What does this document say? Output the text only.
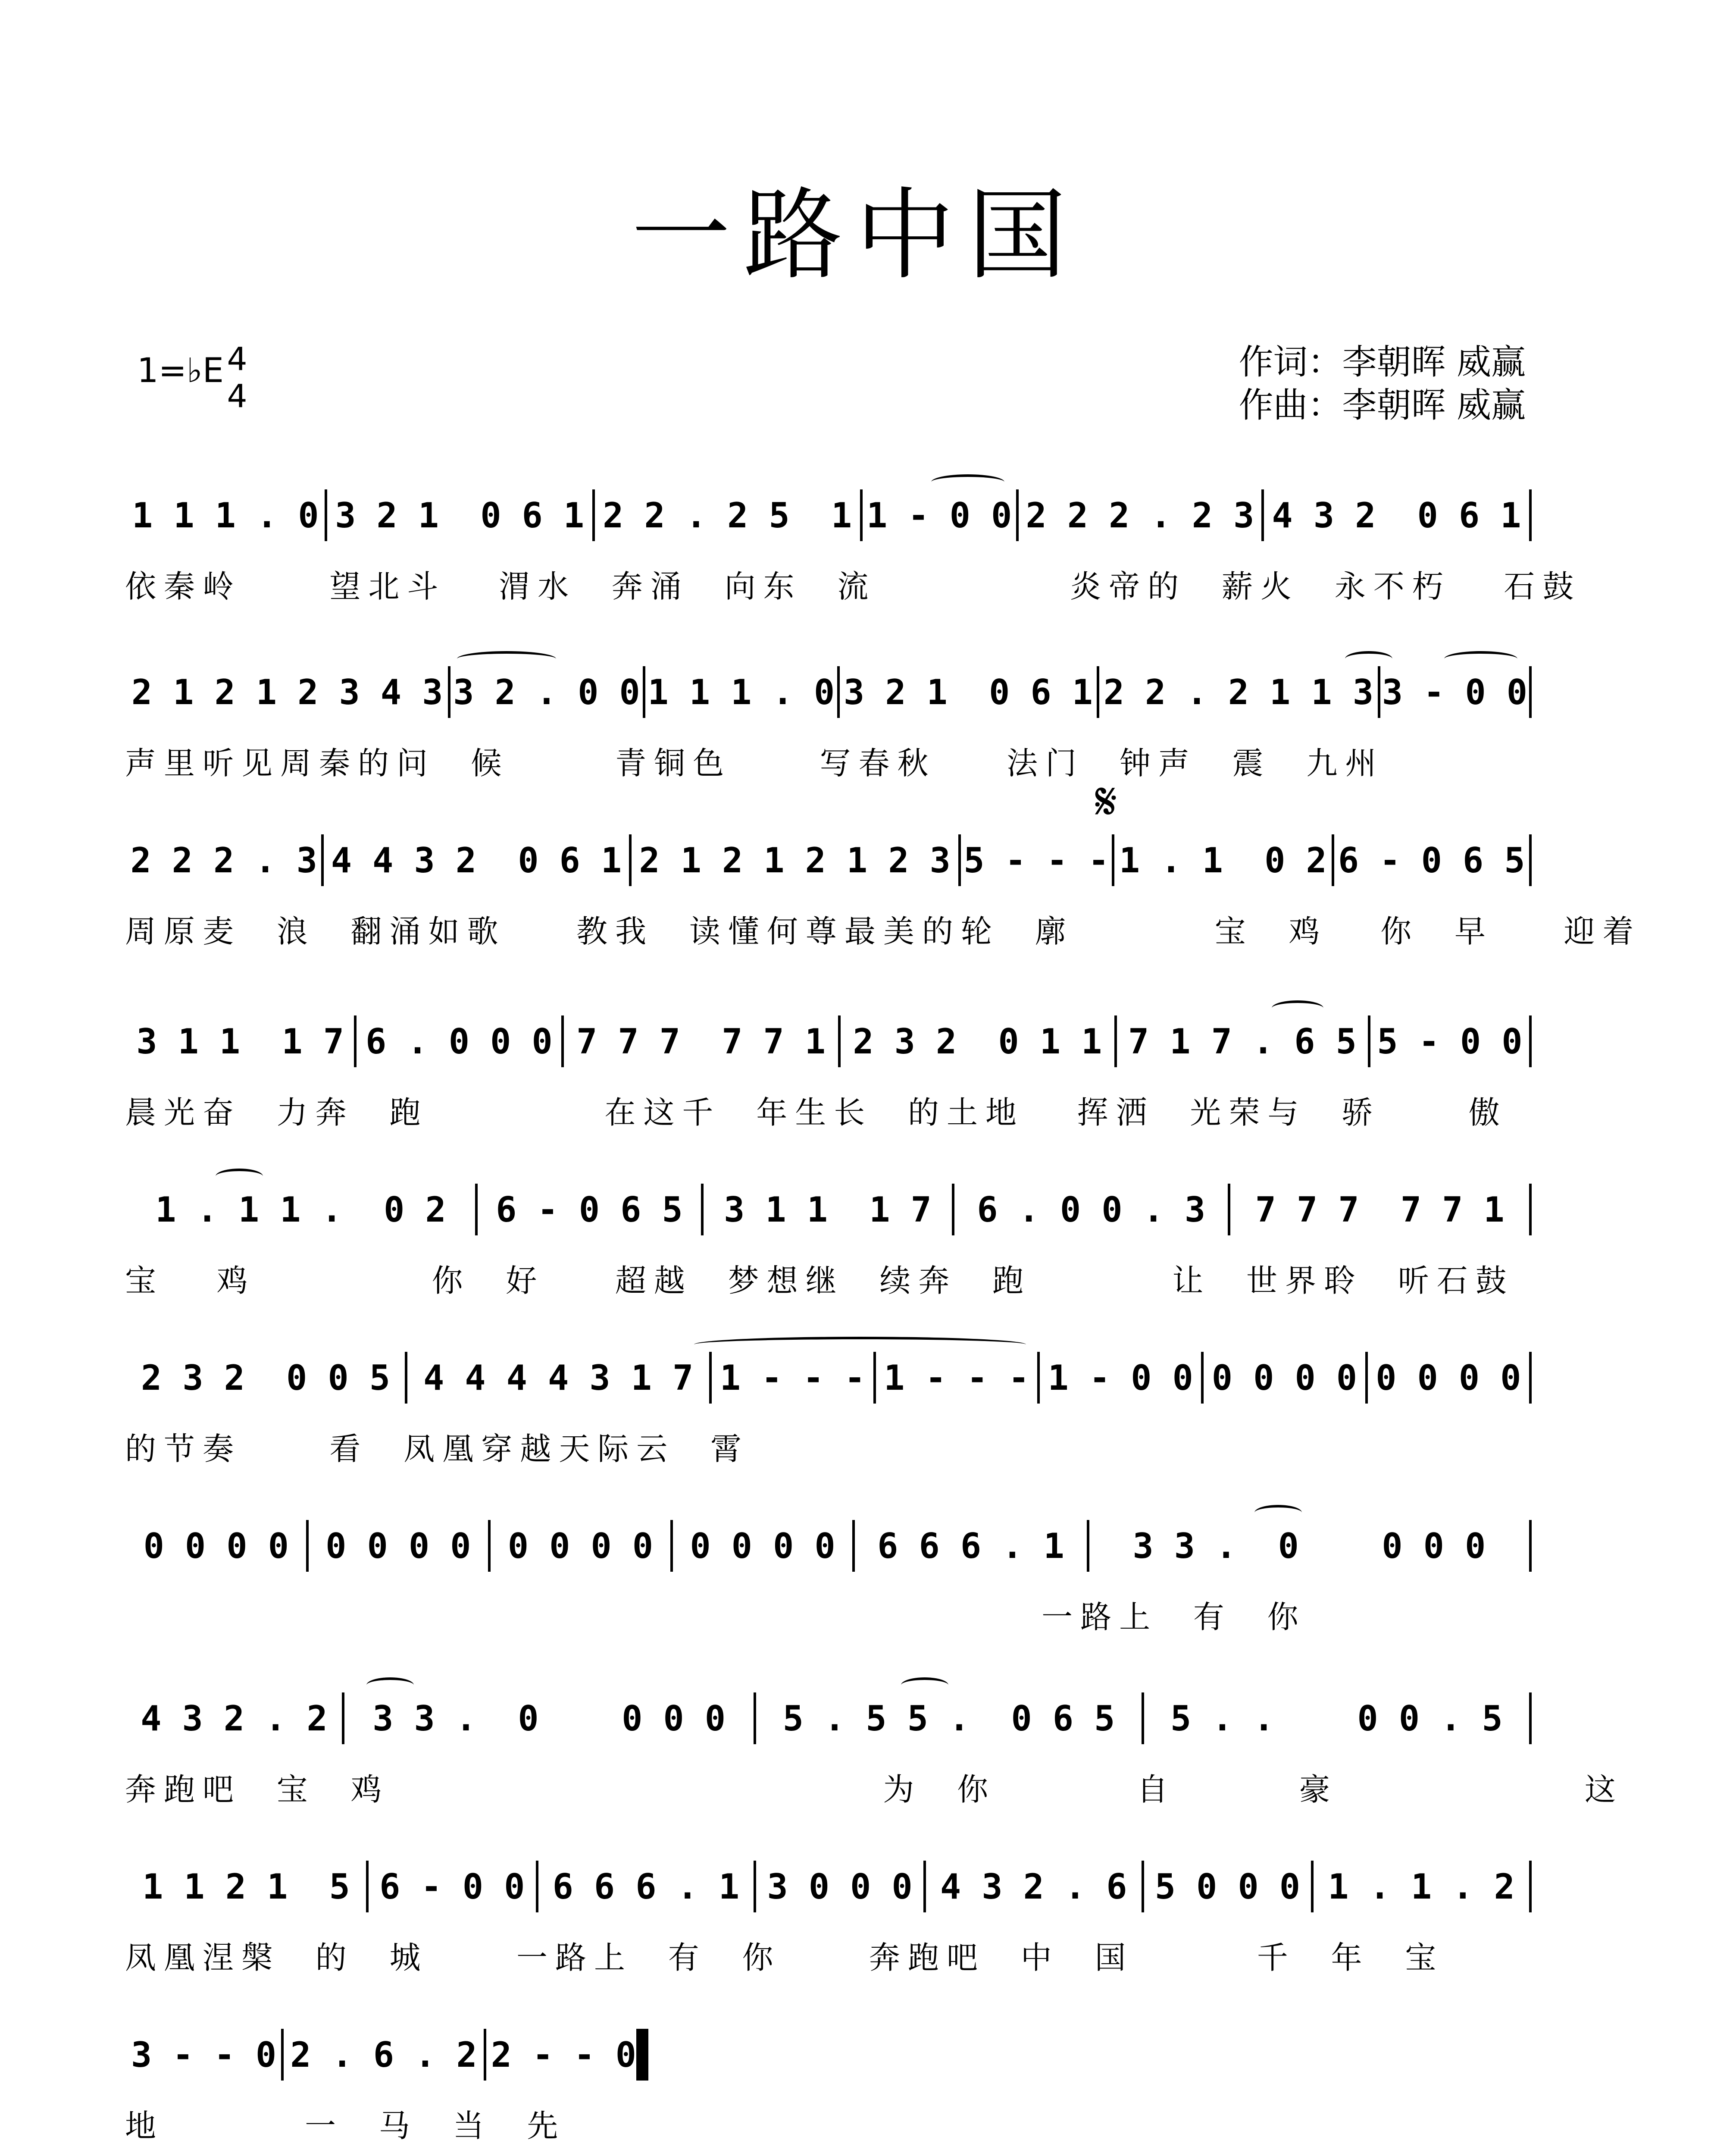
一路中国
1=♭E 4
4
作词：李朝晖 威赢
作曲：李朝晖 威赢
𝄋
1 1 1 . 0 3 2 1  0 6 1 2 2 . 2 5  1 1 - 0 0 2 2 2 . 2 3 4 3 2  0 6 1
依秦岭     望北斗   渭水  奔涌  向东  流           炎帝的  薪火  永不朽   石鼓
2 1 2 1 2 3 4 3 3 2 . 0 0 1 1 1 . 0 3 2 1  0 6 1 2 2 . 2 1 1 3 3 - 0 0
声里听见周秦的问  候      青铜色     写春秋    法门  钟声  震  九州
2 2 2 . 3 4 4 3 2  0 6 1 2 1 2 1 2 1 2 3 5 - - - 1 . 1  0 2 6 - 0 6 5
周原麦  浪  翻涌如歌    教我  读懂何尊最美的轮  廓        宝  鸡   你  早    迎着
3 1 1  1 7 6 . 0 0 0 7 7 7  7 7 1 2 3 2  0 1 1 7 1 7 . 6 5 5 - 0 0
晨光奋  力奔  跑          在这千  年生长  的土地   挥洒  光荣与  骄     傲
1 . 1 1 .  0 2 6 - 0 6 5 3 1 1  1 7 6 . 0 0 . 3 7 7 7  7 7 1
宝   鸡          你  好    超越  梦想继  续奔  跑        让  世界聆  听石鼓
2 3 2  0 0 5 4 4 4 4 3 1 7 1 - - - 1 - - - 1 - 0 0 0 0 0 0 0 0 0 0
的节奏     看  凤凰穿越天际云  霄
0 0 0 0 0 0 0 0 0 0 0 0 0 0 0 0 6 6 6 . 1 3 3 .  0    0 0 0
一路上  有  你
4 3 2 . 2 3 3 .  0    0 0 0 5 . 5 5 .  0 6 5 5 . .    0 0 . 5
奔跑吧  宝  鸡                            为  你        自       豪              这
1 1 2 1  5 6 - 0 0 6 6 6 . 1 3 0 0 0 4 3 2 . 6 5 0 0 0 1 . 1 . 2
凤凰涅槃  的  城     一路上  有  你     奔跑吧  中  国       千  年  宝
3 - - 0 2 . 6 . 2 2 - - 0
地        一  马  当  先
